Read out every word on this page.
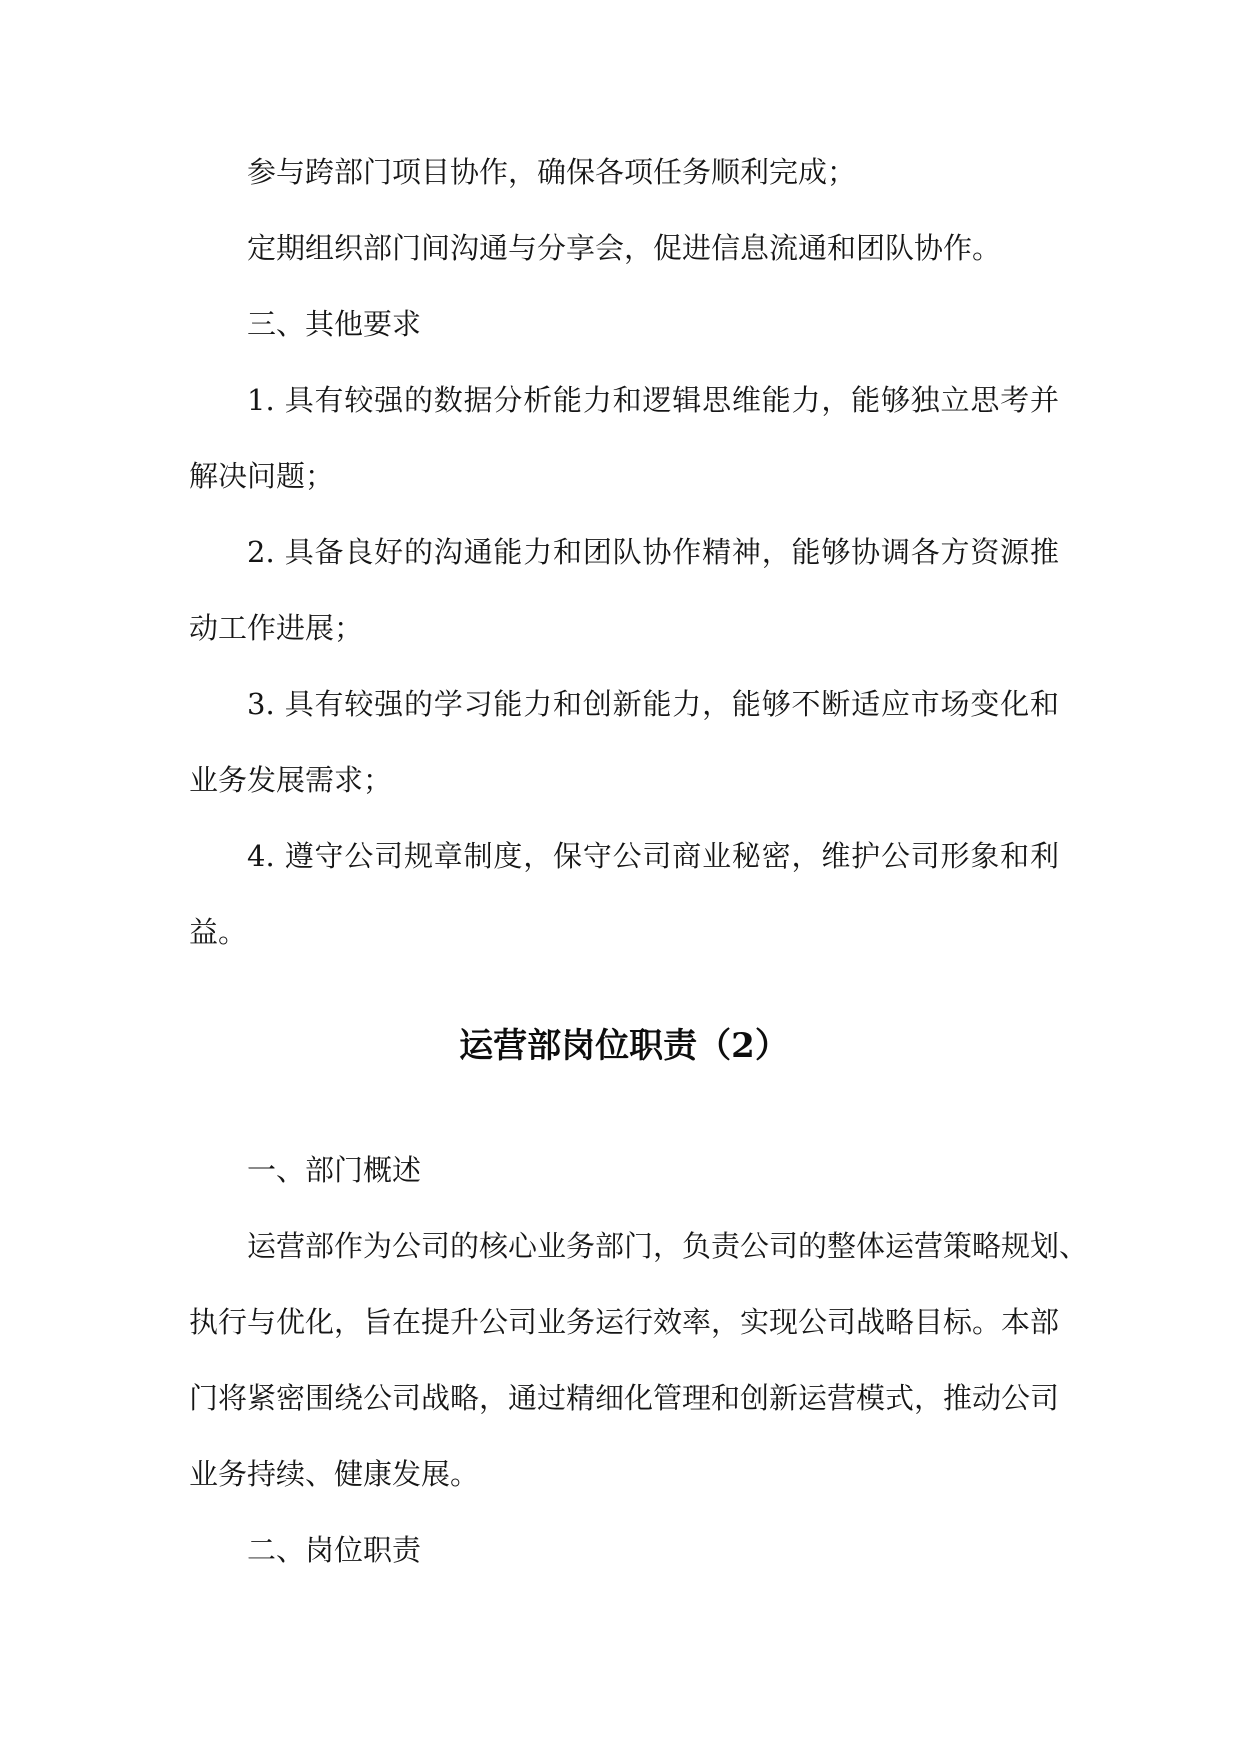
参与跨部门项目协作，确保各项任务顺利完成；
定期组织部门间沟通与分享会，促进信息流通和团队协作。
三、其他要求
1. 具有较强的数据分析能力和逻辑思维能力，能够独立思考并
解决问题；
2. 具备良好的沟通能力和团队协作精神，能够协调各方资源推
动工作进展；
3. 具有较强的学习能力和创新能力，能够不断适应市场变化和
业务发展需求；
4. 遵守公司规章制度，保守公司商业秘密，维护公司形象和利
益。
运营部岗位职责（2）
一、部门概述
运营部作为公司的核心业务部门，负责公司的整体运营策略规划、
执行与优化，旨在提升公司业务运行效率，实现公司战略目标。本部
门将紧密围绕公司战略，通过精细化管理和创新运营模式，推动公司
业务持续、健康发展。
二、岗位职责
